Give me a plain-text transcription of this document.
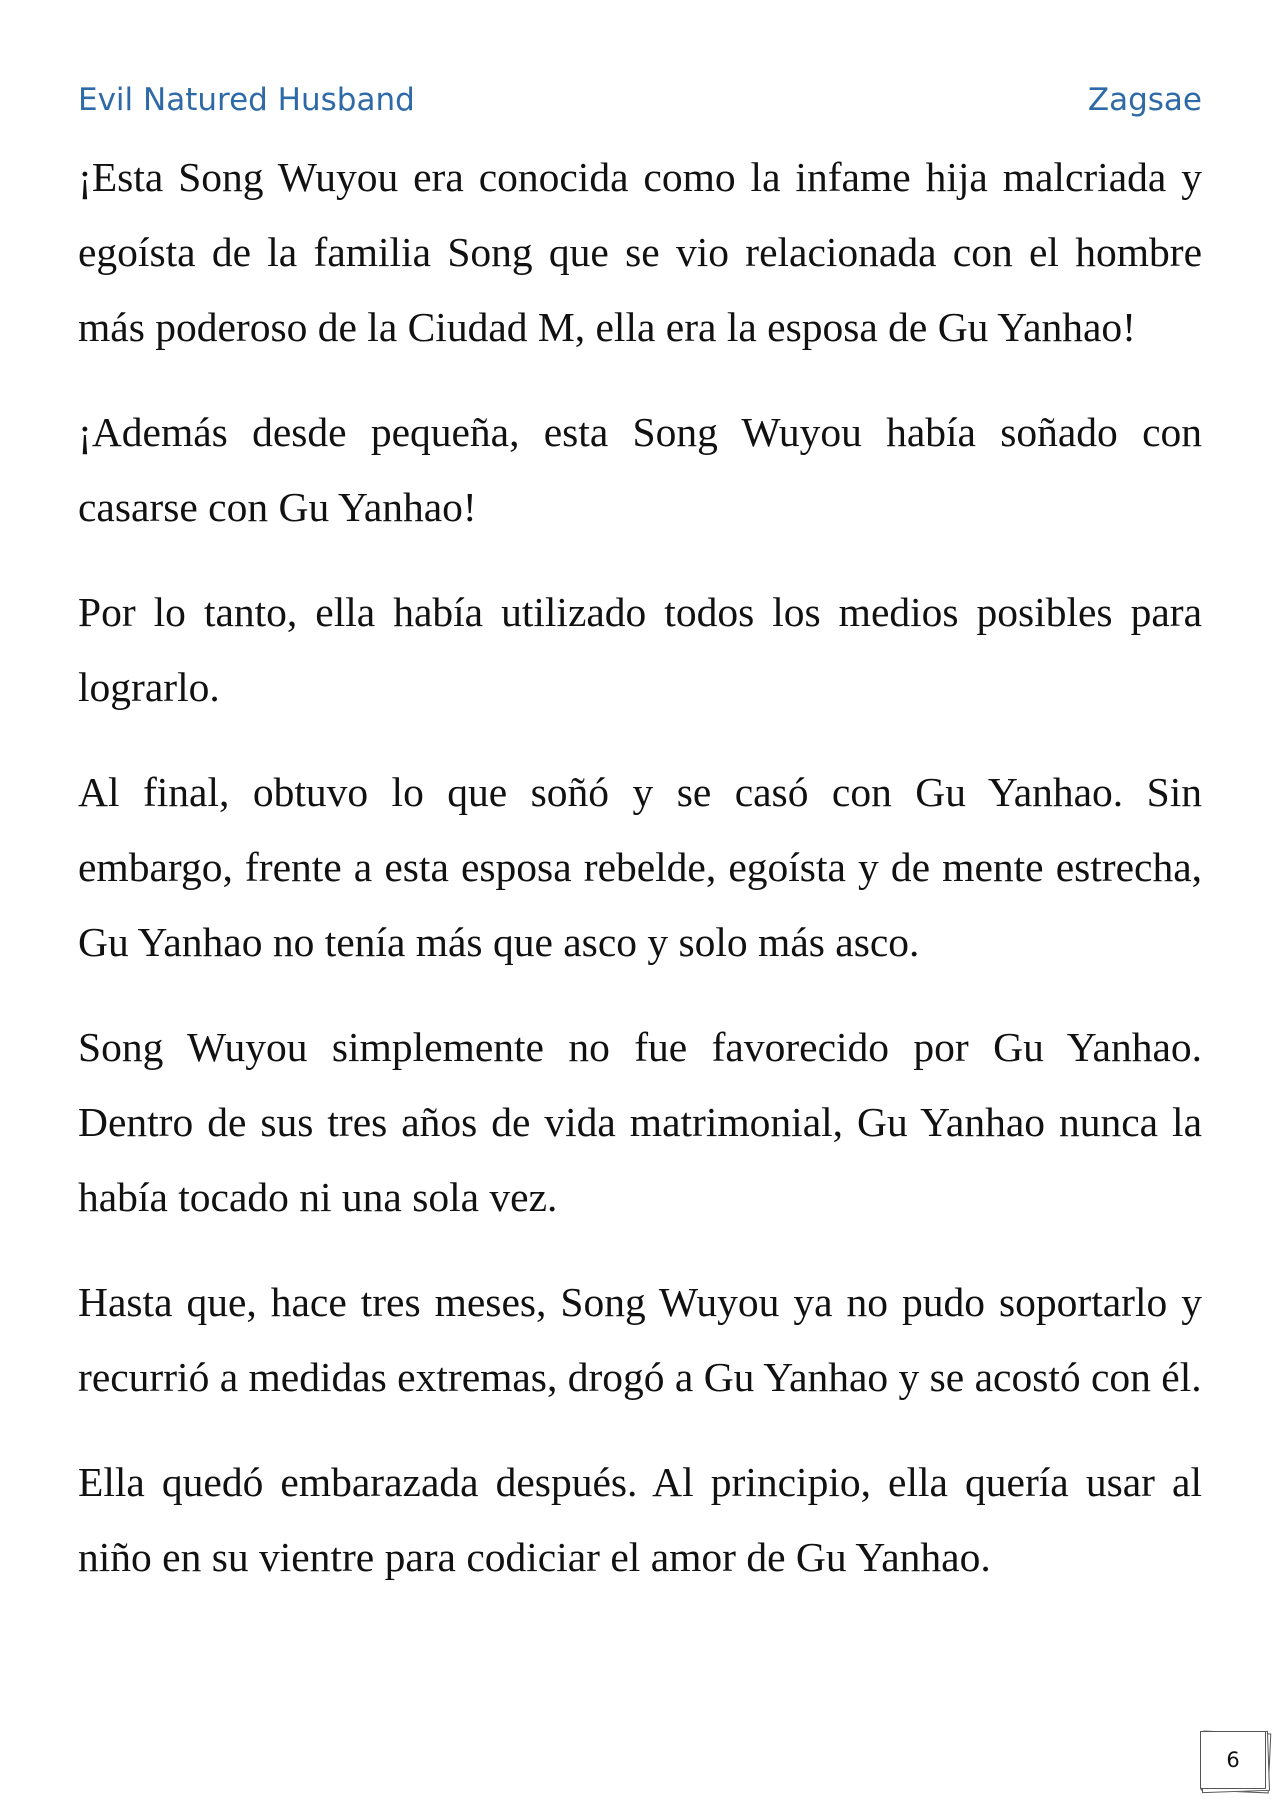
Evil Natured Husband	Zagsae

¡Esta Song Wuyou era conocida como la infame hija malcriada y egoísta de la familia Song que se vio relacionada con el hombre más poderoso de la Ciudad M, ella era la esposa de Gu Yanhao!

¡Además desde pequeña, esta Song Wuyou había soñado con casarse con Gu Yanhao!

Por lo tanto, ella había utilizado todos los medios posibles para lograrlo.

Al final, obtuvo lo que soñó y se casó con Gu Yanhao. Sin embargo, frente a esta esposa rebelde, egoísta y de mente estrecha, Gu Yanhao no tenía más que asco y solo más asco.

Song Wuyou simplemente no fue favorecido por Gu Yanhao. Dentro de sus tres años de vida matrimonial, Gu Yanhao nunca la había tocado ni una sola vez.

Hasta que, hace tres meses, Song Wuyou ya no pudo soportarlo y recurrió a medidas extremas, drogó a Gu Yanhao y se acostó con él.

Ella quedó embarazada después. Al principio, ella quería usar al niño en su vientre para codiciar el amor de Gu Yanhao.

6
